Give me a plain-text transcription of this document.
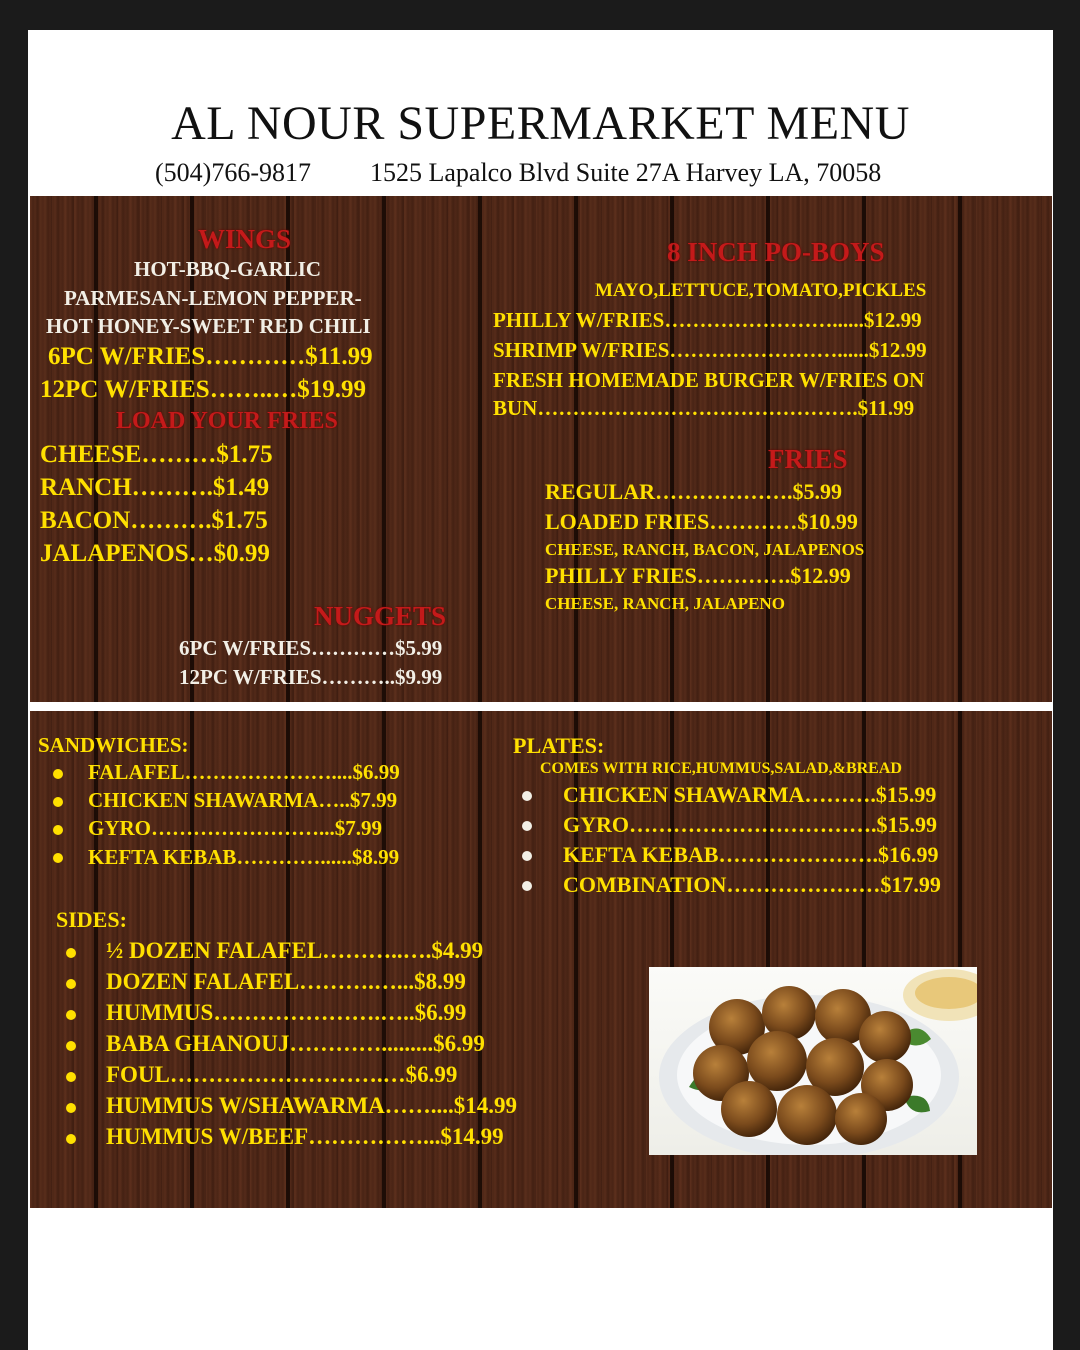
AL NOUR SUPERMARKET MENU
(504)766-9817 1525 Lapalco Blvd Suite 27A Harvey LA, 70058
WINGS
HOT-BBQ-GARLIC
PARMESAN-LEMON PEPPER-
HOT HONEY-SWEET RED CHILI
6PC W/FRIES…………$11.99
12PC W/FRIES……..…$19.99
LOAD YOUR FRIES
CHEESE………$1.75
RANCH……….$1.49
BACON……….$1.75
JALAPENOS…$0.99
NUGGETS
6PC W/FRIES…………$5.99
12PC W/FRIES………..$9.99
8 INCH PO-BOYS
MAYO,LETTUCE,TOMATO,PICKLES
PHILLY W/FRIES……………………......$12.99
SHRIMP W/FRIES……………………......$12.99
FRESH HOMEMADE BURGER W/FRIES ON
BUN……………………………………….$11.99
FRIES
REGULAR……………….$5.99
LOADED FRIES…………$10.99
CHEESE, RANCH, BACON, JALAPENOS
PHILLY FRIES………….$12.99
CHEESE, RANCH, JALAPENO
SANDWICHES:
FALAFEL…………………....$6.99
CHICKEN SHAWARMA…..$7.99
GYRO……………………...$7.99
KEFTA KEBAB…………......$8.99
PLATES:
COMES WITH RICE,HUMMUS,SALAD,&BREAD
CHICKEN SHAWARMA……….$15.99
GYRO…………………………….$15.99
KEFTA KEBAB………………….$16.99
COMBINATION…………………$17.99
SIDES:
½ DOZEN FALAFEL………..….$4.99
DOZEN FALAFEL……….…...$8.99
HUMMUS………………….…..$6.99
BABA GHANOUJ………….........$6.99
FOUL……………………….…$6.99
HUMMUS W/SHAWARMA……....$14.99
HUMMUS W/BEEF……………...$14.99
